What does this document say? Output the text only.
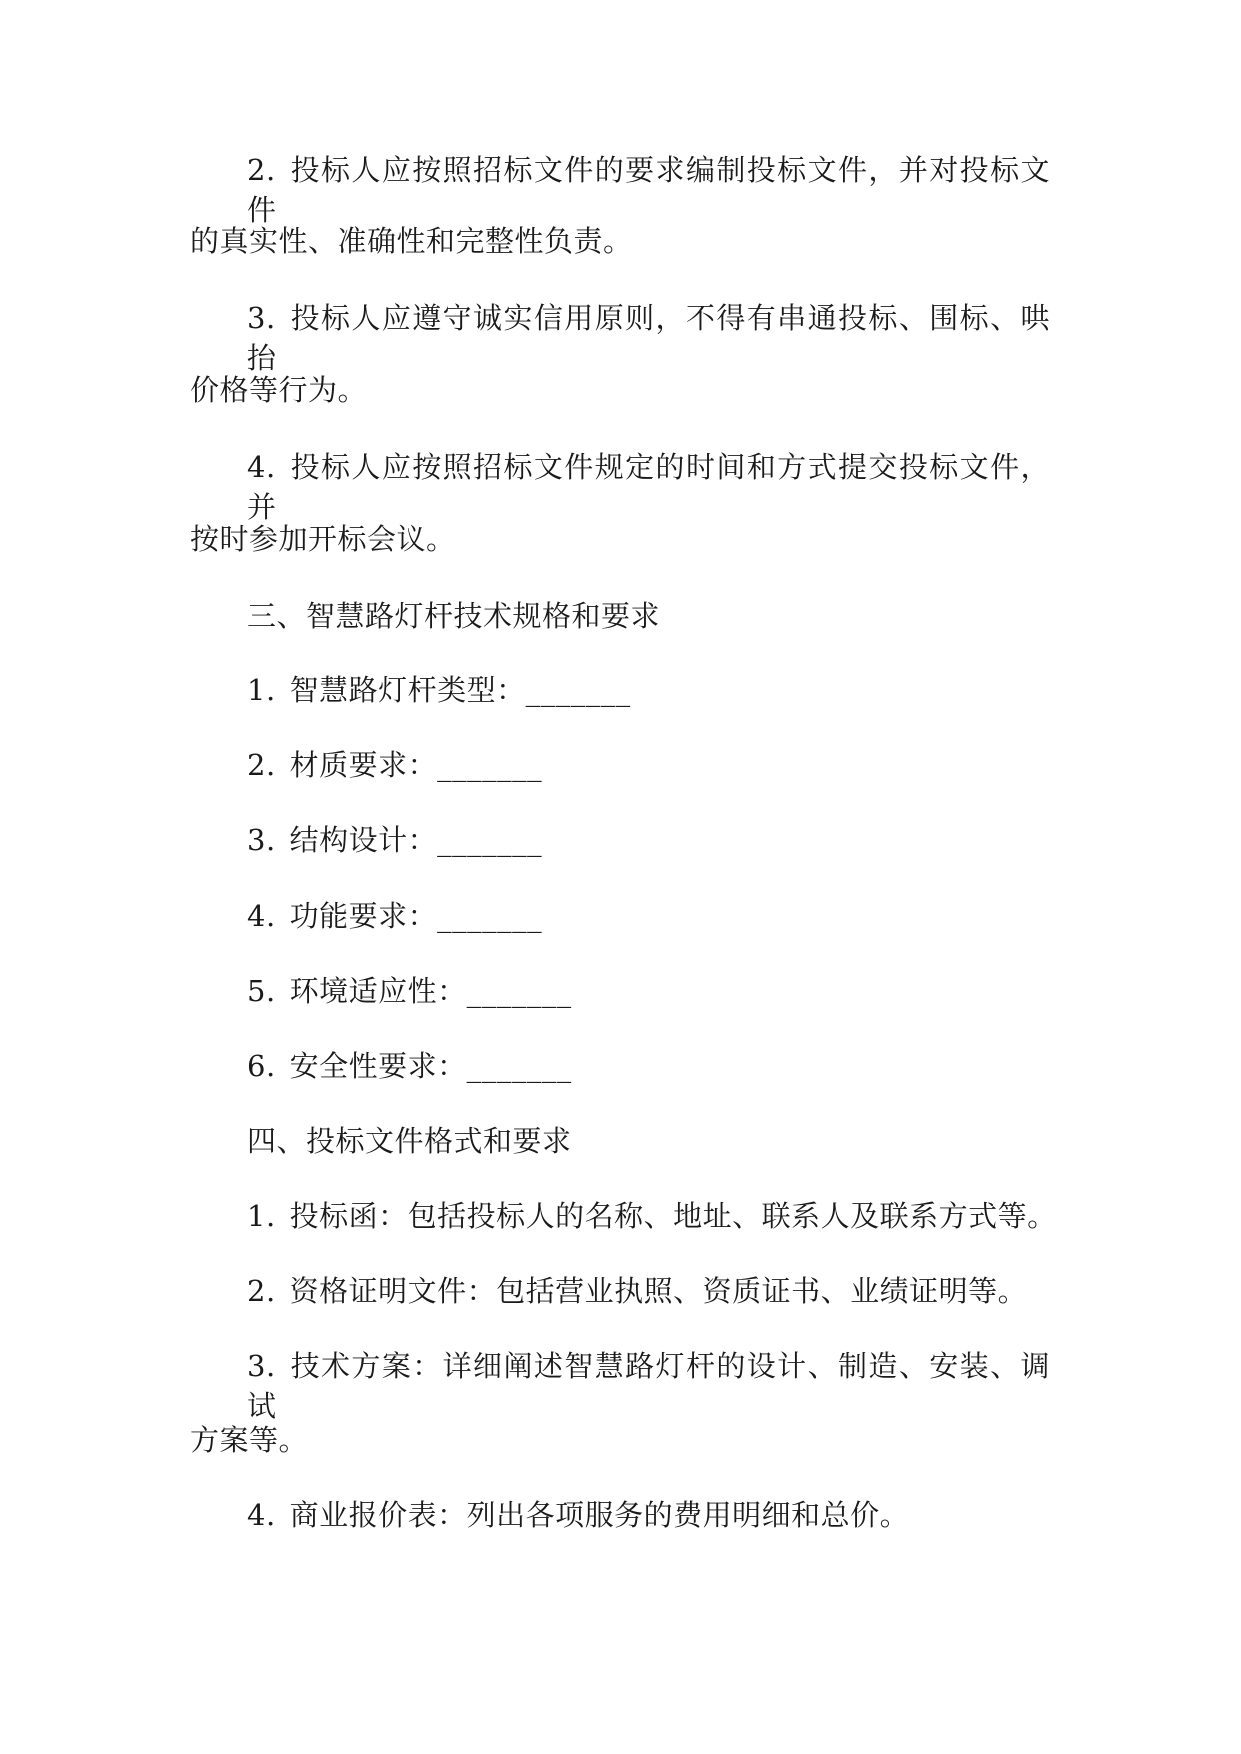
2. 投标人应按照招标文件的要求编制投标文件，并对投标文件
的真实性、准确性和完整性负责。
3. 投标人应遵守诚实信用原则，不得有串通投标、围标、哄抬
价格等行为。
4. 投标人应按照招标文件规定的时间和方式提交投标文件，并
按时参加开标会议。
三、智慧路灯杆技术规格和要求
1. 智慧路灯杆类型：_______
2. 材质要求：_______
3. 结构设计：_______
4. 功能要求：_______
5. 环境适应性：_______
6. 安全性要求：_______
四、投标文件格式和要求
1. 投标函：包括投标人的名称、地址、联系人及联系方式等。
2. 资格证明文件：包括营业执照、资质证书、业绩证明等。
3. 技术方案：详细阐述智慧路灯杆的设计、制造、安装、调试
方案等。
4. 商业报价表：列出各项服务的费用明细和总价。
